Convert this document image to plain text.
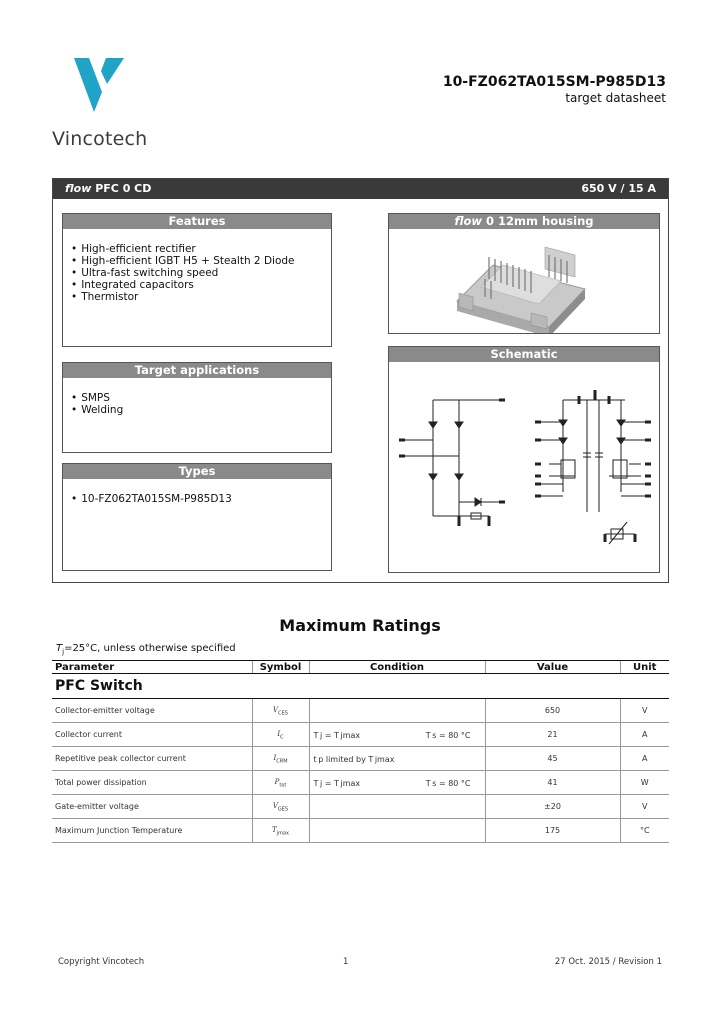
Vincotech
10-FZ062TA015SM-P985D13
target datasheet
flow PFC 0 CD	650 V / 15 A
Features
• High-efficient rectifier
• High-efficient IGBT H5 + Stealth 2 Diode
• Ultra-fast switching speed
• Integrated capacitors
• Thermistor
flow 0 12mm housing
Target applications
• SMPS
• Welding
Schematic
Types
• 10-FZ062TA015SM-P985D13
Maximum Ratings
$T_j=25^\circ C$, unless otherwise specified
Parameter	Symbol	Condition	Value	Unit
PFC Switch				
Collector-emitter voltage	$V_{CES}$		650	V
Collector current	$I_C$	T j = T jmax T s = 80 °C	21	A
Repetitive peak collector current	$I_{CRM}$	t p limited by T jmax	45	A
Total power dissipation	$P_{tot}$	T j = T jmax T s = 80 °C	41	W
Gate-emitter voltage	$V_{GES}$		±20	V
Maximum Junction Temperature	$T_{jmax}$		175	°C
Copyright Vincotech	1	27 Oct. 2015 / Revision 1
